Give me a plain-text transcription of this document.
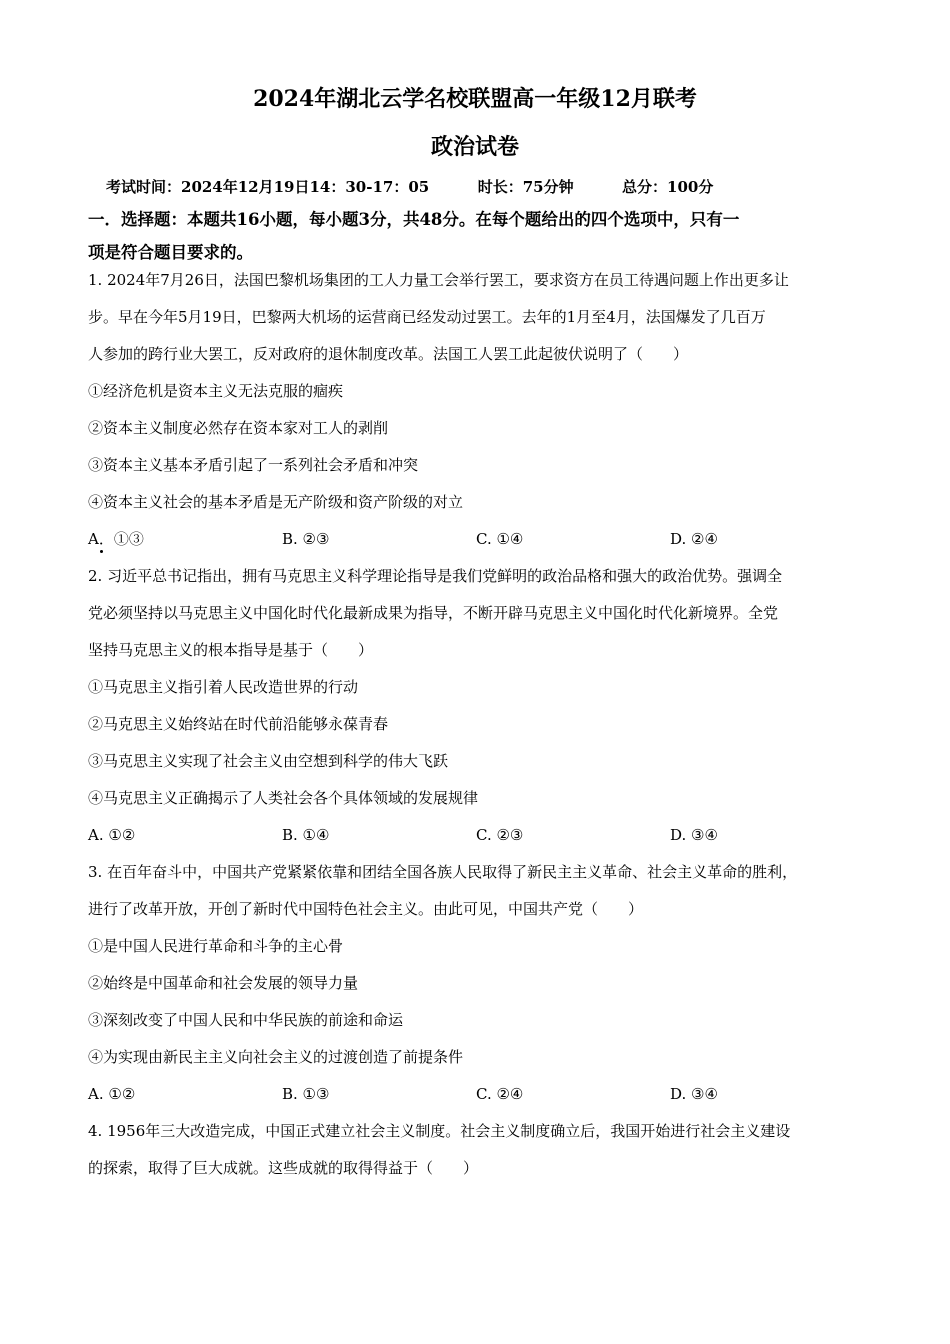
2024年湖北云学名校联盟高一年级12月联考
政治试卷
考试时间：2024年12月19日14：30-17：05	时长：75分钟	总分：100分
一．选择题：本题共16小题，每小题3分，共48分。在每个题给出的四个选项中，只有一
项是符合题目要求的。

1. 2024年7月26日，法国巴黎机场集团的工人力量工会举行罢工，要求资方在员工待遇问题上作出更多让

步。早在今年5月19日，巴黎两大机场的运营商已经发动过罢工。去年的1月至4月，法国爆发了几百万

人参加的跨行业大罢工，反对政府的退休制度改革。法国工人罢工此起彼伏说明了（　　）

①经济危机是资本主义无法克服的痼疾

②资本主义制度必然存在资本家对工人的剥削

③资本主义基本矛盾引起了一系列社会矛盾和冲突

④资本主义社会的基本矛盾是无产阶级和资产阶级的对立

A．①③	B. ②③	C. ①④	D. ②④

2. 习近平总书记指出，拥有马克思主义科学理论指导是我们党鲜明的政治品格和强大的政治优势。强调全

党必须坚持以马克思主义中国化时代化最新成果为指导，不断开辟马克思主义中国化时代化新境界。全党

坚持马克思主义的根本指导是基于（　　）

①马克思主义指引着人民改造世界的行动

②马克思主义始终站在时代前沿能够永葆青春

③马克思主义实现了社会主义由空想到科学的伟大飞跃

④马克思主义正确揭示了人类社会各个具体领域的发展规律

A. ①②	B. ①④	C. ②③	D. ③④

3. 在百年奋斗中，中国共产党紧紧依靠和团结全国各族人民取得了新民主主义革命、社会主义革命的胜利，

进行了改革开放，开创了新时代中国特色社会主义。由此可见，中国共产党（　　）

①是中国人民进行革命和斗争的主心骨

②始终是中国革命和社会发展的领导力量

③深刻改变了中国人民和中华民族的前途和命运

④为实现由新民主主义向社会主义的过渡创造了前提条件

A. ①②	B. ①③	C. ②④	D. ③④

4. 1956年三大改造完成，中国正式建立社会主义制度。社会主义制度确立后，我国开始进行社会主义建设

的探索，取得了巨大成就。这些成就的取得得益于（　　）
